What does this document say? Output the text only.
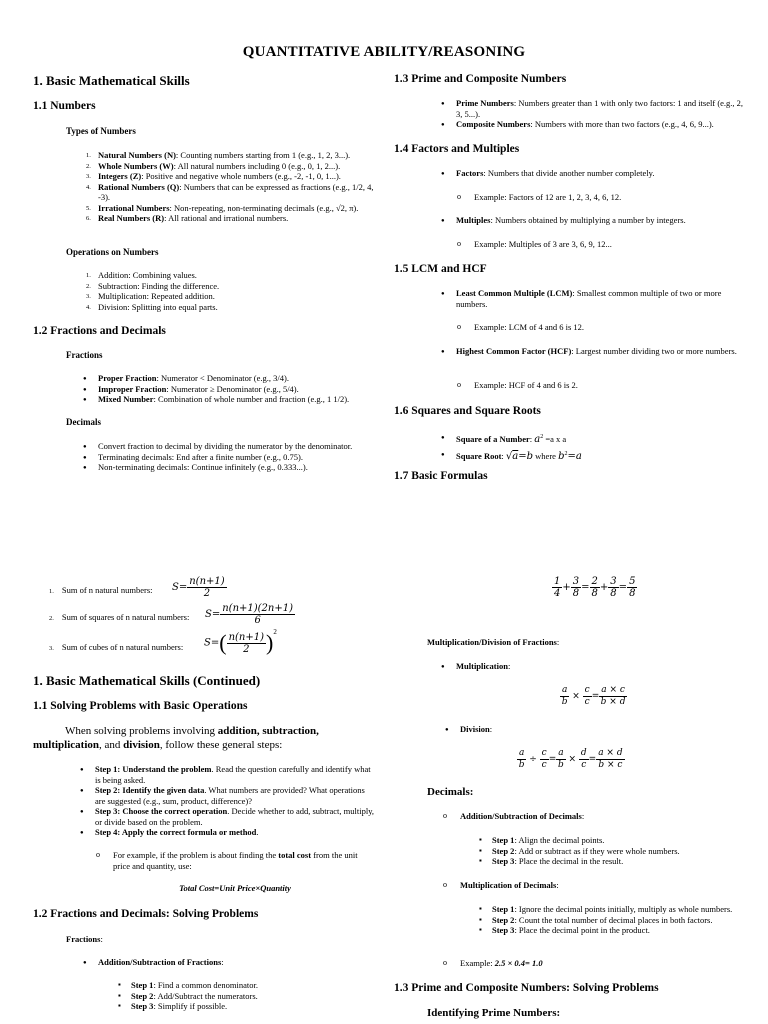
QUANTITATIVE ABILITY/REASONING
1. Basic Mathematical Skills
1.1 Numbers
Types of Numbers
1. Natural Numbers (N): Counting numbers starting from 1 (e.g., 1, 2, 3...).
2. Whole Numbers (W): All natural numbers including 0 (e.g., 0, 1, 2...).
3. Integers (Z): Positive and negative whole numbers (e.g., -2, -1, 0, 1...).
4. Rational Numbers (Q): Numbers that can be expressed as fractions (e.g., 1/2, 4, -3).
5. Irrational Numbers: Non-repeating, non-terminating decimals (e.g., √2, π).
6. Real Numbers (R): All rational and irrational numbers.
Operations on Numbers
1. Addition: Combining values.
2. Subtraction: Finding the difference.
3. Multiplication: Repeated addition.
4. Division: Splitting into equal parts.
1.2 Fractions and Decimals
Fractions
● Proper Fraction: Numerator < Denominator (e.g., 3/4).
● Improper Fraction: Numerator ≥ Denominator (e.g., 5/4).
● Mixed Number: Combination of whole number and fraction (e.g., 1 1/2).
Decimals
● Convert fraction to decimal by dividing the numerator by the denominator.
● Terminating decimals: End after a finite number (e.g., 0.75).
● Non-terminating decimals: Continue infinitely (e.g., 0.333...).
1. Sum of n natural numbers: $S= \frac{n(n+1)}{2}$
2. Sum of squares of n natural numbers: $S= \frac{n(n+1)(2n+1)}{6}$
3. Sum of cubes of n natural numbers: $S=( \frac{n(n+1)}{2} )^2$
1. Basic Mathematical Skills (Continued)
1.1 Solving Problems with Basic Operations

When solving problems involving addition, subtraction, multiplication, and division, follow these general steps:

● Step 1: Understand the problem. Read the question carefully and identify what is being asked.
● Step 2: Identify the given data. What numbers are provided? What operations are suggested (e.g., sum, product, difference)?
● Step 3: Choose the correct operation. Decide whether to add, subtract, multiply, or divide based on the problem.
● Step 4: Apply the correct formula or method.
o For example, if the problem is about finding the total cost from the unit price and quantity, use:
Total Cost=Unit Price×Quantity
1.2 Fractions and Decimals: Solving Problems
Fractions:
● Addition/Subtraction of Fractions:
▪ Step 1: Find a common denominator.
▪ Step 2: Add/Subtract the numerators.
▪ Step 3: Simplify if possible.
1.3 Prime and Composite Numbers
● Prime Numbers: Numbers greater than 1 with only two factors: 1 and itself (e.g., 2, 3, 5...).
● Composite Numbers: Numbers with more than two factors (e.g., 4, 6, 9...).
1.4 Factors and Multiples
● Factors: Numbers that divide another number completely.
o Example: Factors of 12 are 1, 2, 3, 4, 6, 12.
● Multiples: Numbers obtained by multiplying a number by integers.
o Example: Multiples of 3 are 3, 6, 9, 12...
1.5 LCM and HCF
● Least Common Multiple (LCM): Smallest common multiple of two or more numbers.
o Example: LCM of 4 and 6 is 12.
● Highest Common Factor (HCF): Largest number dividing two or more numbers.
o Example: HCF of 4 and 6 is 2.
1.6 Squares and Square Roots
● Square of a Number: $a^2 =a$ x a
● Square Root: √a=b where $b^2=a$
1.7 Basic Formulas
$\frac{1}{4} + \frac{3}{8} = \frac{2}{8} + \frac{3}{8} = \frac{5}{8}$
Multiplication/Division of Fractions:
● Multiplication:
$\frac{a}{b} \times \frac{c}{c} = \frac{a \times c}{b \times d}$
● Division:
$\frac{a}{b} \div \frac{c}{c} = \frac{a}{b} \times \frac{d}{c} = \frac{a \times d}{b \times c}$
Decimals:
o Addition/Subtraction of Decimals:
▪ Step 1: Align the decimal points.
▪ Step 2: Add or subtract as if they were whole numbers.
▪ Step 3: Place the decimal in the result.
o Multiplication of Decimals:
▪ Step 1: Ignore the decimal points initially, multiply as whole numbers.
▪ Step 2: Count the total number of decimal places in both factors.
▪ Step 3: Place the decimal point in the product.
o Example: 2.5 × 0.4= 1.0
1.3 Prime and Composite Numbers: Solving Problems
Identifying Prime Numbers:
